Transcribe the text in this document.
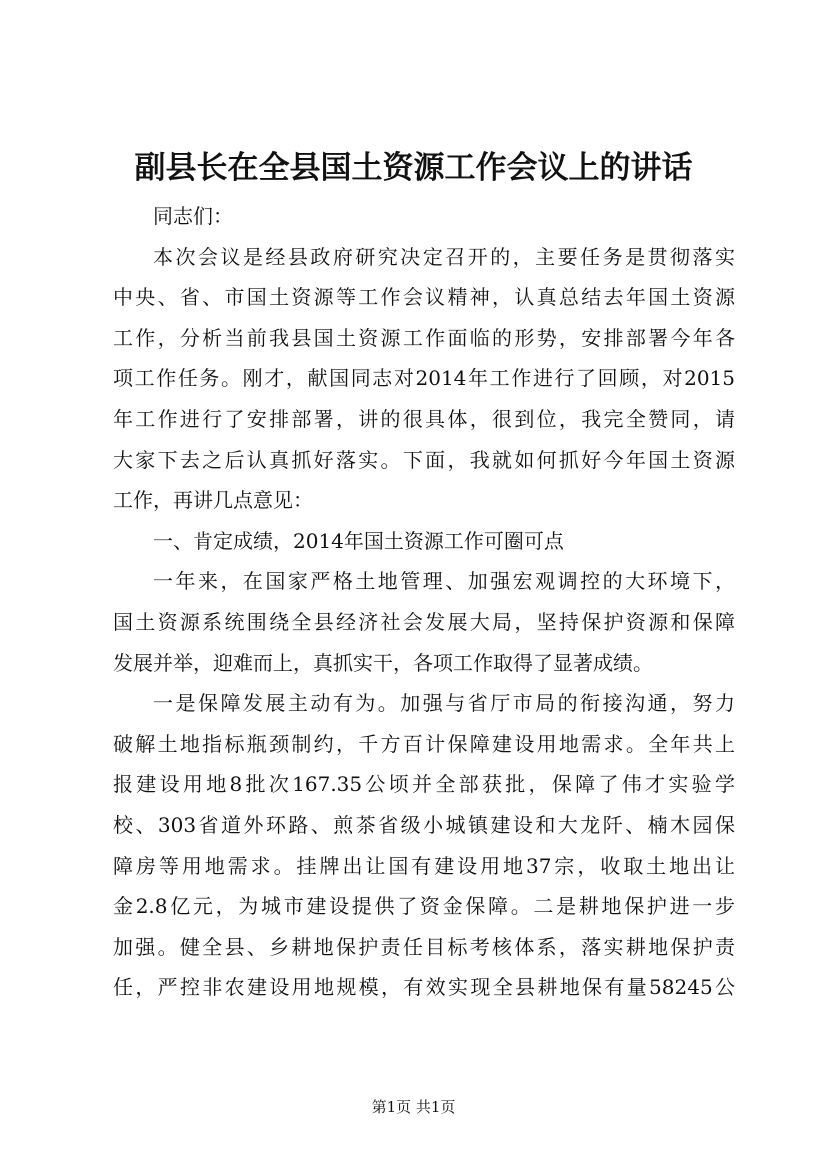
副县长在全县国土资源工作会议上的讲话
同志们：
本次会议是经县政府研究决定召开的，主要任务是贯彻落实
中央、省、市国土资源等工作会议精神，认真总结去年国土资源
工作，分析当前我县国土资源工作面临的形势，安排部署今年各
项工作任务。刚才，献国同志对2014年工作进行了回顾，对2015
年工作进行了安排部署，讲的很具体，很到位，我完全赞同，请
大家下去之后认真抓好落实。下面，我就如何抓好今年国土资源
工作，再讲几点意见：
一、肯定成绩，2014年国土资源工作可圈可点
一年来，在国家严格土地管理、加强宏观调控的大环境下，
国土资源系统围绕全县经济社会发展大局，坚持保护资源和保障
发展并举，迎难而上，真抓实干，各项工作取得了显著成绩。
一是保障发展主动有为。加强与省厅市局的衔接沟通，努力
破解土地指标瓶颈制约，千方百计保障建设用地需求。全年共上
报建设用地8批次167.35公顷并全部获批，保障了伟才实验学
校、303省道外环路、煎茶省级小城镇建设和大龙阡、楠木园保
障房等用地需求。挂牌出让国有建设用地37宗，收取土地出让
金2.8亿元，为城市建设提供了资金保障。二是耕地保护进一步
加强。健全县、乡耕地保护责任目标考核体系，落实耕地保护责
任，严控非农建设用地规模，有效实现全县耕地保有量58245公
第1页 共1页
